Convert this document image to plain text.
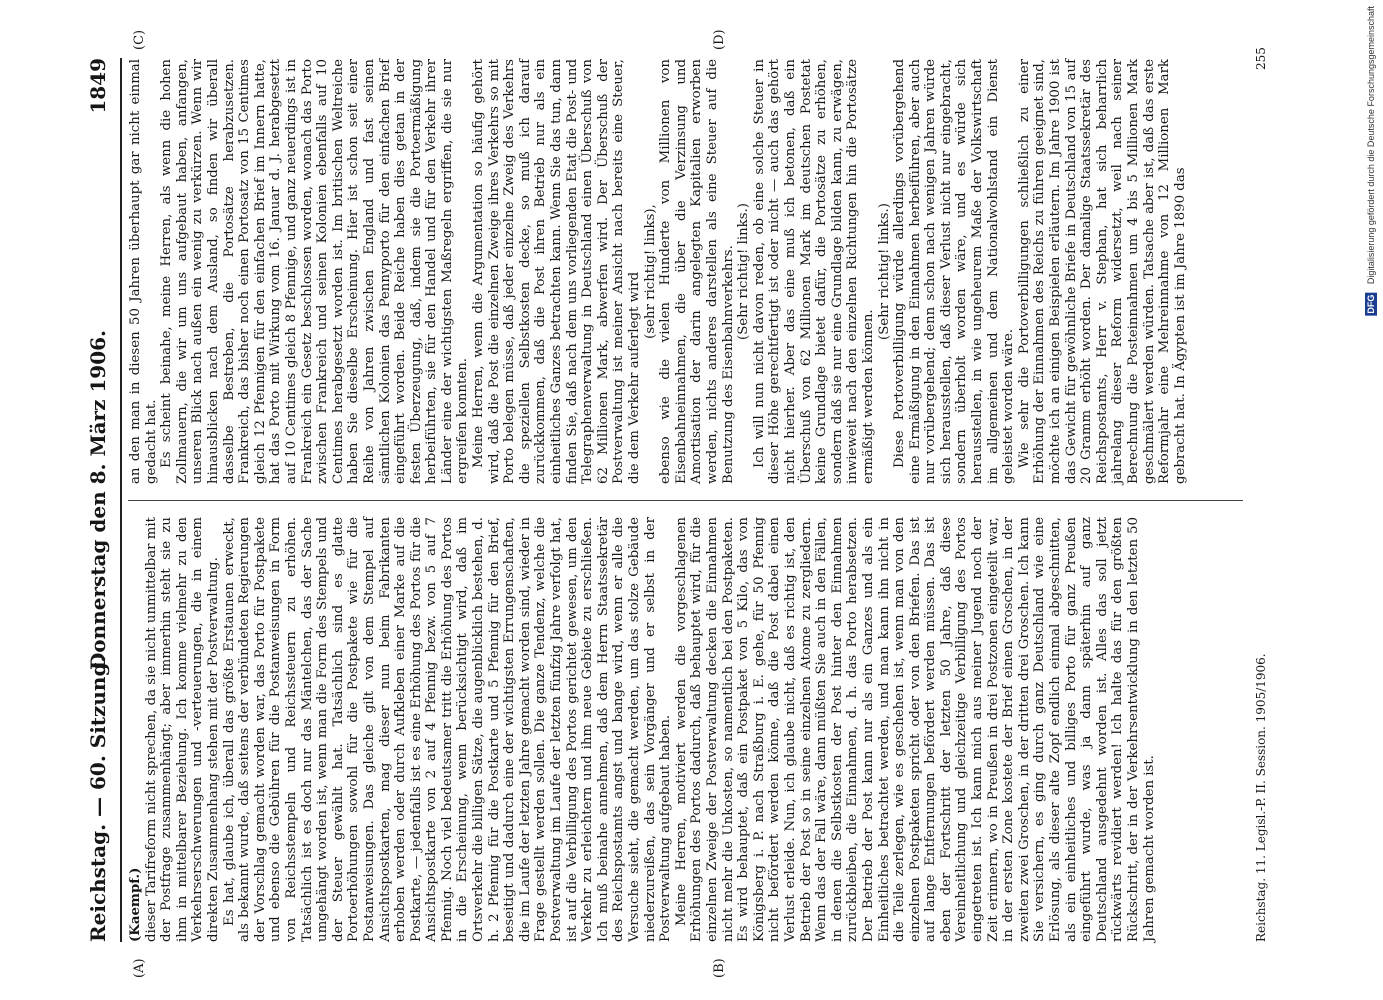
Reichstag. — 60. Sitzung.
Donnerstag den 8. März 1906.
1849
(A)	(B)
(C)	(D)

(Kaempf.) dieser Tarifreform nicht sprechen, da sie nicht unmittelbar mit der Postfrage zusammenhängt; aber immerhin steht sie zu ihm in mittelbarer Beziehung. Ich komme vielmehr zu den Verkehrserschwerungen und -verteuerungen, die in einem direkten Zusammenhang stehen mit der Postverwaltung. Es hat, glaube ich, überall das größte Erstaunen erweckt, als bekannt wurde, daß seitens der verbündeten Regierungen der Vorschlag gemacht worden war, das Porto für Postpakete und ebenso die Gebühren für die Postanweisungen in Form von Reichsstempeln und Reichssteuern zu erhöhen. Tatsächlich ist es doch nur das Mäntelchen, das der Sache umgehängt worden ist, wenn man die Form des Stempels und der Steuer gewählt hat. Tatsächlich sind es glatte Portoerhöhungen sowohl für die Postpakete wie für die Postanweisungen. Das gleiche gilt von dem Stempel auf Ansichtspostkarten, mag dieser nun beim Fabrikanten erhoben werden oder durch Aufkleben einer Marke auf die Postkarte, — jedenfalls ist es eine Erhöhung des Portos für die Ansichtspostkarte von 2 auf 4 Pfennig bezw. von 5 auf 7 Pfennig. Noch viel bedeutsamer tritt die Erhöhung des Portos in die Erscheinung, wenn berücksichtigt wird, daß im Ortsverkehr die billigen Sätze, die augenblicklich bestehen, d. h. 2 Pfennig für die Postkarte und 5 Pfennig für den Brief, beseitigt und dadurch eine der wichtigsten Errungenschaften, die im Laufe der letzten Jahre gemacht worden sind, wieder in Frage gestellt werden sollen. Die ganze Tendenz, welche die Postverwaltung im Laufe der letzten fünfzig Jahre verfolgt hat, ist auf die Verbilligung des Portos gerichtet gewesen, um den Verkehr zu erleichtern und ihm neue Gebiete zu erschließen. Ich muß beinahe annehmen, daß dem Herrn Staatssekretär des Reichspostamts angst und bange wird, wenn er alle die Versuche sieht, die gemacht werden, um das stolze Gebäude niederzureißen, das sein Vorgänger und er selbst in der Postverwaltung aufgebaut haben. Meine Herren, motiviert werden die vorgeschlagenen Erhöhungen des Portos dadurch, daß behauptet wird, für die einzelnen Zweige der Postverwaltung decken die Einnahmen nicht mehr die Unkosten, so namentlich bei den Postpaketen. Es wird behauptet, daß ein Postpaket von 5 Kilo, das von Königsberg i. P. nach Straßburg i. E. gehe, für 50 Pfennig nicht befördert werden könne, daß die Post dabei einen Verlust erleide. Nun, ich glaube nicht, daß es richtig ist, den Betrieb der Post so in seine einzelnen Atome zu zergliedern. Wenn das der Fall wäre, dann müßten Sie auch in den Fällen, in denen die Selbstkosten der Post hinter den Einnahmen zurückbleiben, die Einnahmen, d. h. das Porto herabsetzen. Der Betrieb der Post kann nur als ein Ganzes und als ein Einheitliches betrachtet werden, und man kann ihn nicht in die Teile zerlegen, wie es geschehen ist, wenn man von den einzelnen Postpaketen spricht oder von den Briefen. Das ist auf lange Entfernungen befördert werden müssen. Das ist eben der Fortschritt der letzten 50 Jahre, daß diese Vereinheitlichung und gleichzeitige Verbilligung des Portos eingetreten ist. Ich kann mich aus meiner Jugend noch der Zeit erinnern, wo in Preußen in drei Postzonen eingeteilt war, in der ersten Zone kostete der Brief einen Groschen, in der zweiten zwei Groschen, in der dritten drei Groschen. Ich kann Sie versichern, es ging durch ganz Deutschland wie eine Erlösung, als dieser alte Zopf endlich einmal abgeschnitten, als ein einheitliches und billiges Porto für ganz Preußen eingeführt wurde, was ja dann späterhin auf ganz Deutschland ausgedehnt worden ist. Alles das soll jetzt rückwärts revidiert werden! Ich halte das für den größten Rückschritt, der in der Verkehrsentwicklung in den letzten 50 Jahren gemacht worden ist.

an den man in diesen 50 Jahren überhaupt gar nicht einmal gedacht hat. Es scheint beinahe, meine Herren, als wenn die hohen Zollmauern, die wir um uns aufgebaut haben, anfangen, unseren Blick nach außen ein wenig zu verkürzen. Wenn wir hinausblicken nach dem Ausland, so finden wir überall dasselbe Bestreben, die Portosätze herabzusetzen. Frankreich, das bisher noch einen Portosatz von 15 Centimes gleich 12 Pfennigen für den einfachen Brief im Innern hatte, hat das Porto mit Wirkung vom 16. Januar d. J. herabgesetzt auf 10 Centimes gleich 8 Pfennige, und ganz neuerdings ist in Frankreich ein Gesetz beschlossen worden, wonach das Porto zwischen Frankreich und seinen Kolonien ebenfalls auf 10 Centimes herabgesetzt worden ist. Im britischen Weltreiche haben Sie dieselbe Erscheinung. Hier ist schon seit einer Reihe von Jahren zwischen England und fast seinen sämtlichen Kolonien das Pennyporto für den einfachen Brief eingeführt worden. Beide Reiche haben dies getan in der festen Überzeugung, daß, indem sie die Portoermäßigung herbeiführten, sie für den Handel und für den Verkehr ihrer Länder eine der wichtigsten Maßregeln ergriffen, die sie nur ergreifen konnten. Meine Herren, wenn die Argumentation so häufig gehört wird, daß die Post die einzelnen Zweige ihres Verkehrs so mit Porto belegen müsse, daß jeder einzelne Zweig des Verkehrs die speziellen Selbstkosten decke, so muß ich darauf zurückkommen, daß die Post ihren Betrieb nur als ein einheitliches Ganzes betrachten kann. Wenn Sie das tun, dann finden Sie, daß nach dem uns vorliegenden Etat die Post- und Telegraphenverwaltung in Deutschland einen Überschuß von 62 Millionen Mark, abwerfen wird. Der Überschuß der Postverwaltung ist meiner Ansicht nach bereits eine Steuer, die dem Verkehr auferlegt wird

(sehr richtig! links), ebenso wie die vielen Hunderte von Millionen von Eisenbahneinnahmen, die über die Verzinsung und Amortisation der darin angelegten Kapitalien erworben werden, nichts anderes darstellen als eine Steuer auf die Benutzung des Eisenbahnverkehrs. (Sehr richtig! links.) Ich will nun nicht davon reden, ob eine solche Steuer in dieser Höhe gerechtfertigt ist oder nicht — auch das gehört nicht hierher. Aber das eine muß ich betonen, daß ein Überschuß von 62 Millionen Mark im deutschen Postetat keine Grundlage bietet dafür, die Portosätze zu erhöhen, sondern daß sie nur eine Grundlage bilden kann, zu erwägen, inwieweit nach den einzelnen Richtungen hin die Portosätze ermäßigt werden können.

(Sehr richtig! links.) Diese Portoverbilligung würde allerdings vorübergehend eine Ermäßigung in den Einnahmen herbeiführen, aber auch nur vorübergehend; denn schon nach wenigen Jahren würde sich herausstellen, daß dieser Verlust nicht nur eingebracht, sondern überholt worden wäre, und es würde sich herausstellen, in wie ungeheurem Maße der Volkswirtschaft im allgemeinen und dem Nationalwohlstand ein Dienst geleistet worden wäre. Wie sehr die Portoverbilligungen schließlich zu einer Erhöhung der Einnahmen des Reichs zu führen geeignet sind, möchte ich an einigen Beispielen erläutern. Im Jahre 1900 ist das Gewicht für gewöhnliche Briefe in Deutschland von 15 auf 20 Gramm erhöht worden. Der damalige Staatssekretär des Reichspostamts, Herr v. Stephan, hat sich beharrlich jahrelang dieser Reform widersetzt, weil nach seiner Berechnung die Posteinnahmen um 4 bis 5 Millionen Mark geschmälert werden würden. Tatsache aber ist, daß das erste Reformjahr eine Mehreinnahme von 12 Millionen Mark gebracht hat. In Ägypten ist im Jahre 1890 das

Reichstag. 11. Legisl.-P. II. Session. 1905/1906.
255
DFG Digitalisierung gefördert durch die Deutsche Forschungsgemeinschaft
